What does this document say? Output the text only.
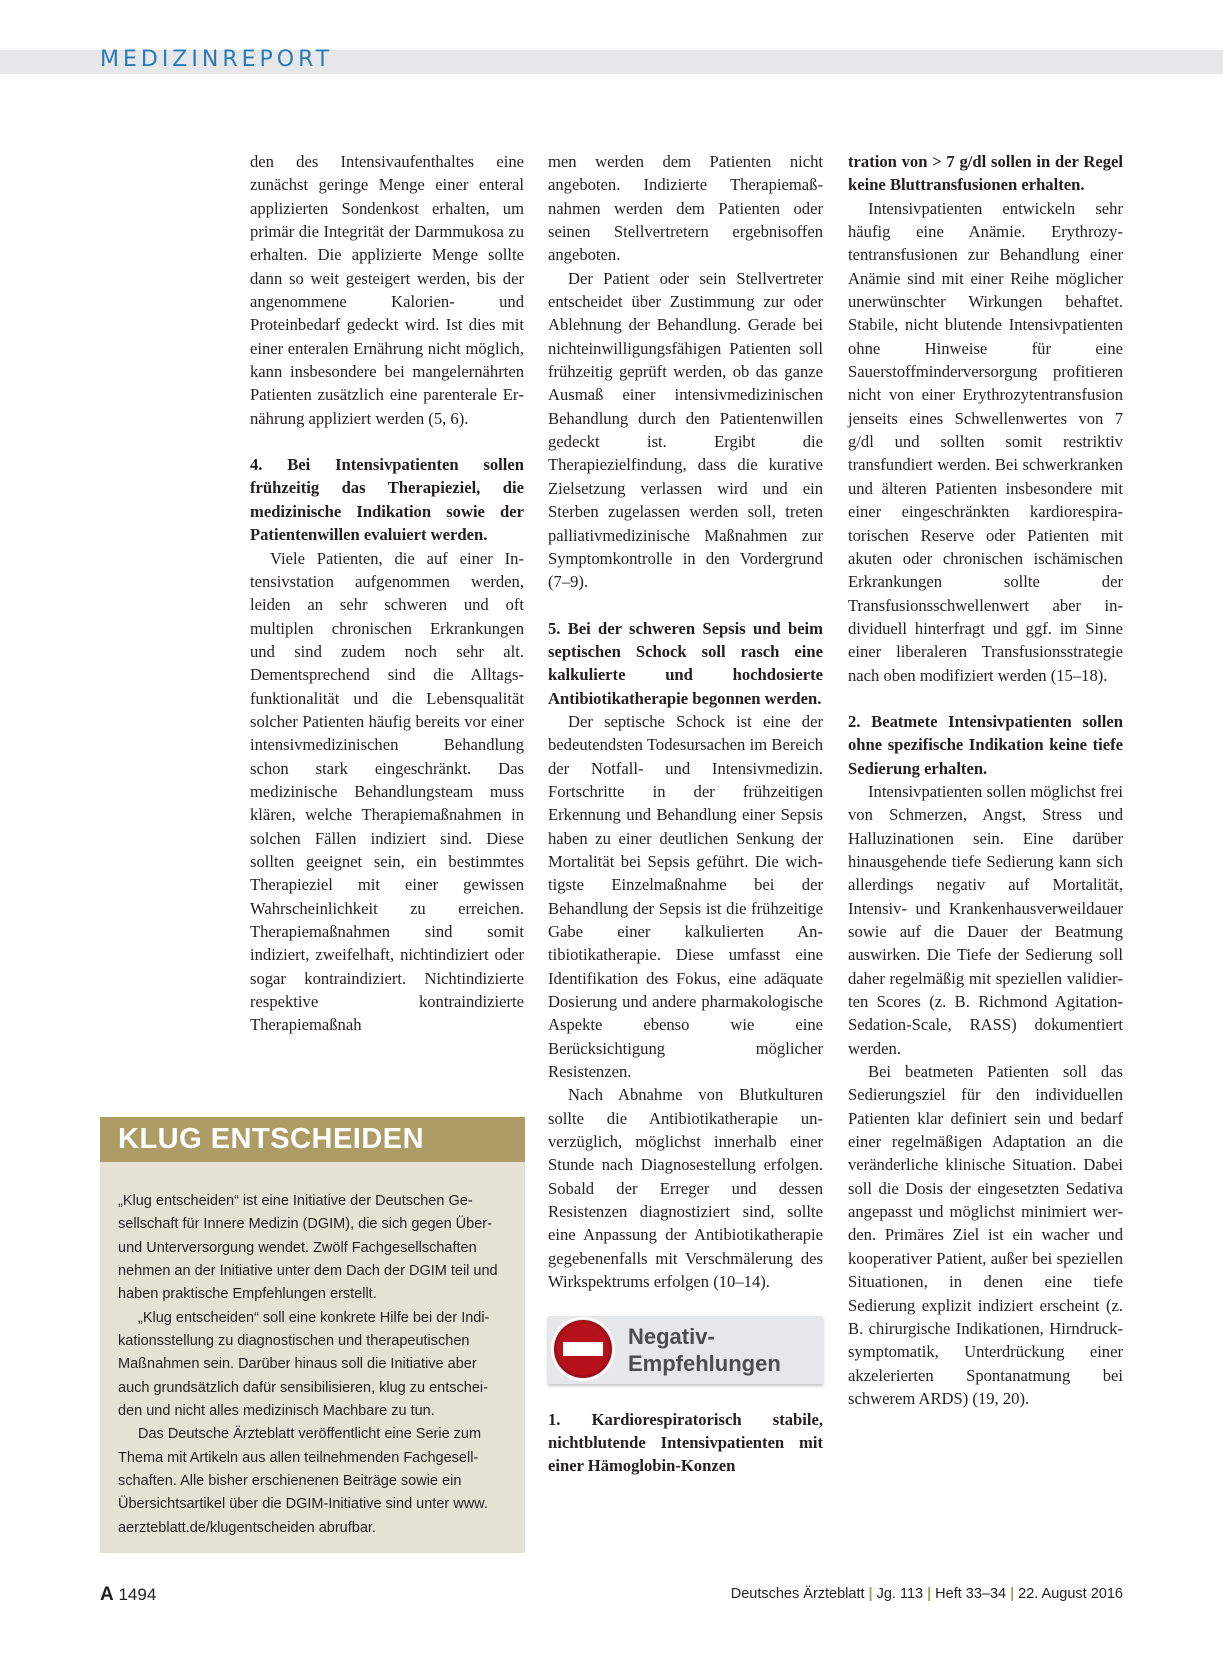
MEDIZINREPORT

den des Intensivaufenthaltes eine zunächst geringe Menge einer enteral applizierten Sondenkost erhalten, um primär die Integrität der Darmmukosa zu erhalten. Die applizierte Menge sollte dann so weit gesteigert werden, bis der angenommene Kalorien- und Proteinbedarf gedeckt wird. Ist dies mit einer enteralen Ernährung nicht möglich, kann insbesondere bei mangelernährten Patienten zusätzlich eine parenterale Ernährung appliziert werden (5, 6).

4. Bei Intensivpatienten sollen frühzeitig das Therapieziel, die medizinische Indikation sowie der Patientenwillen evaluiert werden.

Viele Patienten, die auf einer Intensivstation aufgenommen werden, leiden an sehr schweren und oft multiplen chronischen Erkrankungen und sind zudem noch sehr alt. Dementsprechend sind die Alltagsfunktionalität und die Lebensqualität solcher Patienten häufig bereits vor einer intensivmedizinischen Behandlung schon stark eingeschränkt. Das medizinische Behandlungsteam muss klären, welche Therapiemaßnahmen in solchen Fällen indiziert sind. Diese sollten geeignet sein, ein bestimmtes Therapieziel mit einer gewissen Wahrscheinlichkeit zu erreichen. Therapiemaßnahmen sind somit indiziert, zweifelhaft, nichtindiziert oder sogar kontraindiziert. Nichtindizierte respektive kontraindizierte Therapiemaßnah

men werden dem Patienten nicht angeboten. Indizierte Therapiemaßnahmen werden dem Patienten oder seinen Stellvertretern ergebnisoffen angeboten.

Der Patient oder sein Stellvertreter entscheidet über Zustimmung zur oder Ablehnung der Behandlung. Gerade bei nichteinwilligungsfähigen Patienten soll frühzeitig geprüft werden, ob das ganze Ausmaß einer intensivmedizinischen Behandlung durch den Patientenwillen gedeckt ist. Ergibt die Therapiezielfindung, dass die kurative Zielsetzung verlassen wird und ein Sterben zugelassen werden soll, treten palliativmedizinische Maßnahmen zur Symptomkontrolle in den Vordergrund (7–9).

5. Bei der schweren Sepsis und beim septischen Schock soll rasch eine kalkulierte und hochdosierte Antibiotikatherapie begonnen werden.

Der septische Schock ist eine der bedeutendsten Todesursachen im Bereich der Notfall- und Intensivmedizin. Fortschritte in der frühzeitigen Erkennung und Behandlung einer Sepsis haben zu einer deutlichen Senkung der Mortalität bei Sepsis geführt. Die wichtigste Einzelmaßnahme bei der Behandlung der Sepsis ist die frühzeitige Gabe einer kalkulierten Antibiotikatherapie. Diese umfasst eine Identifikation des Fokus, eine adäquate Dosierung und andere pharmakologische Aspekte ebenso wie eine Berücksichtigung möglicher Resistenzen.

Nach Abnahme von Blutkulturen sollte die Antibiotikatherapie unverzüglich, möglichst innerhalb einer Stunde nach Diagnosestellung erfolgen. Sobald der Erreger und dessen Resistenzen diagnostiziert sind, sollte eine Anpassung der Antibiotikatherapie gegebenenfalls mit Verschmälerung des Wirkspektrums erfolgen (10–14).

Negativ-
Empfehlungen

1. Kardiorespiratorisch stabile, nichtblutende Intensivpatienten mit einer Hämoglobin-Konzen

tration von > 7 g/dl sollen in der Regel keine Bluttransfusionen erhalten.

Intensivpatienten entwickeln sehr häufig eine Anämie. Erythrozytentransfusionen zur Behandlung einer Anämie sind mit einer Reihe möglicher unerwünschter Wirkungen behaftet. Stabile, nicht blutende Intensivpatienten ohne Hinweise für eine Sauerstoffminderversorgung profitieren nicht von einer Erythrozytentransfusion jenseits eines Schwellenwertes von 7 g/dl und sollten somit restriktiv transfundiert werden. Bei schwerkranken und älteren Patienten insbesondere mit einer eingeschränkten kardiorespiratorischen Reserve oder Patienten mit akuten oder chronischen ischämischen Erkrankungen sollte der Transfusionsschwellenwert aber individuell hinterfragt und ggf. im Sinne einer liberaleren Transfusionsstrategie nach oben modifiziert werden (15–18).

2. Beatmete Intensivpatienten sollen ohne spezifische Indikation keine tiefe Sedierung erhalten.

Intensivpatienten sollen möglichst frei von Schmerzen, Angst, Stress und Halluzinationen sein. Eine darüber hinausgehende tiefe Sedierung kann sich allerdings negativ auf Mortalität, Intensiv- und Krankenhausverweildauer sowie auf die Dauer der Beatmung auswirken. Die Tiefe der Sedierung soll daher regelmäßig mit speziellen validierten Scores (z. B. Richmond Agitation-Sedation-Scale, RASS) dokumentiert werden.

Bei beatmeten Patienten soll das Sedierungsziel für den individuellen Patienten klar definiert sein und bedarf einer regelmäßigen Adaptation an die veränderliche klinische Situation. Dabei soll die Dosis der eingesetzten Sedativa angepasst und möglichst minimiert werden. Primäres Ziel ist ein wacher und kooperativer Patient, außer bei speziellen Situationen, in denen eine tiefe Sedierung explizit indiziert erscheint (z. B. chirurgische Indikationen, Hirndrucksymptomatik, Unterdrückung einer akzelerierten Spontanatmung bei schwerem ARDS) (19, 20).

KLUG ENTSCHEIDEN

„Klug entscheiden“ ist eine Initiative der Deutschen Gesellschaft für Innere Medizin (DGIM), die sich gegen Über- und Unterversorgung wendet. Zwölf Fachgesellschaften nehmen an der Initiative unter dem Dach der DGIM teil und haben praktische Empfehlungen erstellt.

„Klug entscheiden“ soll eine konkrete Hilfe bei der Indikationsstellung zu diagnostischen und therapeutischen Maßnahmen sein. Darüber hinaus soll die Initiative aber auch grundsätzlich dafür sensibilisieren, klug zu entscheiden und nicht alles medizinisch Machbare zu tun.

Das Deutsche Ärzteblatt veröffentlicht eine Serie zum Thema mit Artikeln aus allen teilnehmenden Fachgesellschaften. Alle bisher erschienenen Beiträge sowie ein Übersichtsartikel über die DGIM-Initiative sind unter www.​aerzteblatt.de/klugentscheiden abrufbar.

A 1494	Deutsches Ärzteblatt | Jg. 113 | Heft 33–34 | 22. August 2016
